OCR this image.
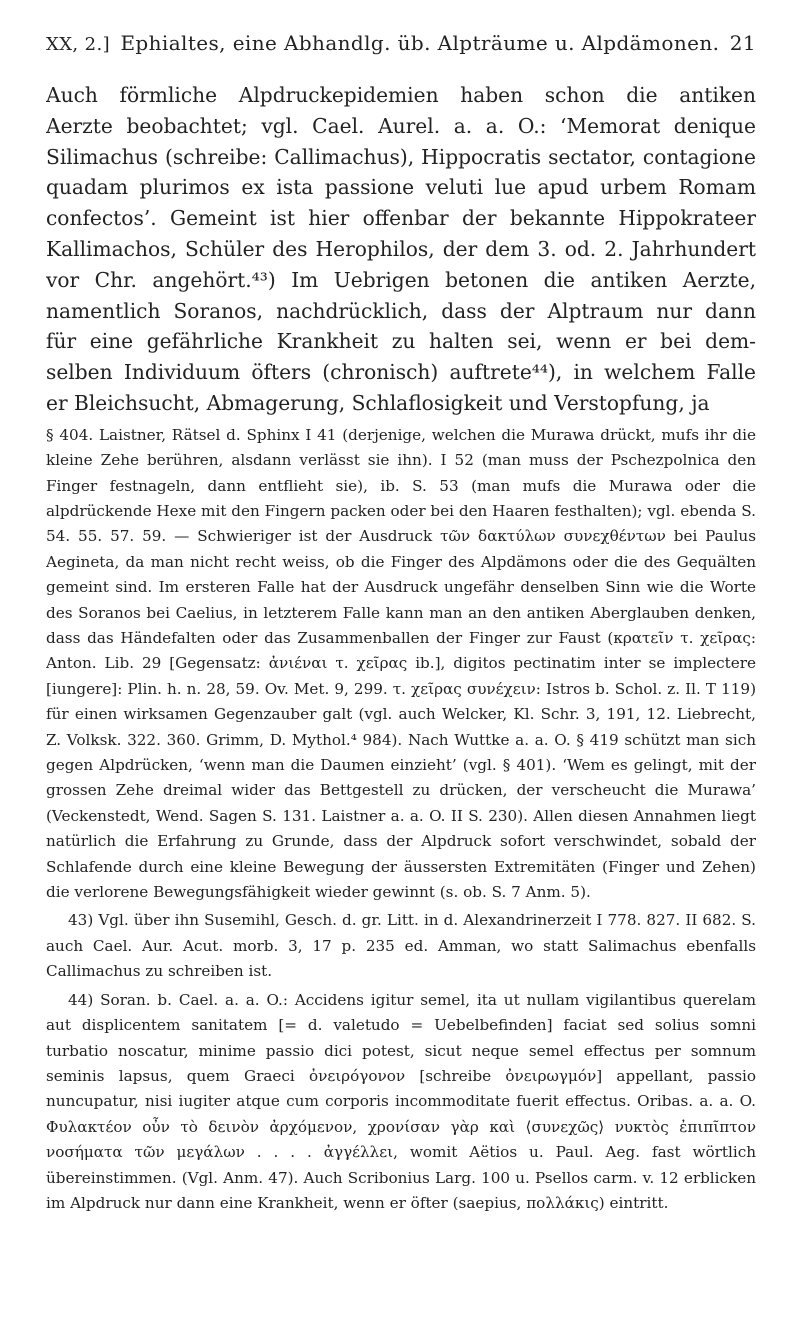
XX, 2.] Ephialtes, eine Abhandlg. üb. Alpträume u. Alpdämonen. 21
Auch förmliche Alpdruckepidemien haben schon die antiken
Aerzte beobachtet; vgl. Cael. Aurel. a. a. O.: ‘Memorat denique
Silimachus (schreibe: Callimachus), Hippocratis sectator, contagione
quadam plurimos ex ista passione veluti lue apud urbem Romam
confectos’. Gemeint ist hier offenbar der bekannte Hippokrateer
Kallimachos, Schüler des Herophilos, der dem 3. od. 2. Jahrhundert
vor Chr. angehört.⁴³) Im Uebrigen betonen die antiken Aerzte,
namentlich Soranos, nachdrücklich, dass der Alptraum nur dann
für eine gefährliche Krankheit zu halten sei, wenn er bei dem-
selben Individuum öfters (chronisch) auftrete⁴⁴), in welchem Falle
er Bleichsucht, Abmagerung, Schlaflosigkeit und Verstopfung, ja

§ 404. Laistner, Rätsel d. Sphinx I 41 (derjenige, welchen die Murawa drückt, mufs ihr die kleine Zehe berühren, alsdann verlässt sie ihn). I 52 (man muss der Pschezpolnica den Finger festnageln, dann entflieht sie), ib. S. 53 (man mufs die Murawa oder die alpdrückende Hexe mit den Fingern packen oder bei den Haaren festhalten); vgl. ebenda S. 54. 55. 57. 59. — Schwieriger ist der Ausdruck τῶν δακτύλων συνεχθέντων bei Paulus Aegineta, da man nicht recht weiss, ob die Finger des Alpdämons oder die des Gequälten gemeint sind. Im ersteren Falle hat der Ausdruck ungefähr denselben Sinn wie die Worte des Soranos bei Caelius, in letzterem Falle kann man an den antiken Aberglauben denken, dass das Händefalten oder das Zusammenballen der Finger zur Faust (κρατεῖν τ. χεῖρας: Anton. Lib. 29 [Gegensatz: ἀνιέναι τ. χεῖρας ib.], digitos pectinatim inter se implectere [iungere]: Plin. h. n. 28, 59. Ov. Met. 9, 299. τ. χεῖρας συνέχειν: Istros b. Schol. z. Il. T 119) für einen wirksamen Gegenzauber galt (vgl. auch Welcker, Kl. Schr. 3, 191, 12. Liebrecht, Z. Volksk. 322. 360. Grimm, D. Mythol.⁴ 984). Nach Wuttke a. a. O. § 419 schützt man sich gegen Alpdrücken, ‘wenn man die Daumen einzieht’ (vgl. § 401). ‘Wem es gelingt, mit der grossen Zehe dreimal wider das Bettgestell zu drücken, der verscheucht die Murawa’ (Veckenstedt, Wend. Sagen S. 131. Laistner a. a. O. II S. 230). Allen diesen Annahmen liegt natürlich die Erfahrung zu Grunde, dass der Alpdruck sofort verschwindet, sobald der Schlafende durch eine kleine Bewegung der äussersten Extremitäten (Finger und Zehen) die verlorene Bewegungsfähigkeit wieder gewinnt (s. ob. S. 7 Anm. 5).

43) Vgl. über ihn Susemihl, Gesch. d. gr. Litt. in d. Alexandrinerzeit I 778. 827. II 682. S. auch Cael. Aur. Acut. morb. 3, 17 p. 235 ed. Amman, wo statt Salimachus ebenfalls Callimachus zu schreiben ist.

44) Soran. b. Cael. a. a. O.: Accidens igitur semel, ita ut nullam vigilantibus querelam aut displicentem sanitatem [= d. valetudo = Uebelbefinden] faciat sed solius somni turbatio noscatur, minime passio dici potest, sicut neque semel effectus per somnum seminis lapsus, quem Graeci ὀνειρόγονον [schreibe ὀνειρωγμόν] appellant, passio nuncupatur, nisi iugiter atque cum corporis incommoditate fuerit effectus. Oribas. a. a. O. Φυλακτέον οὖν τὸ δεινὸν ἀρχόμενον, χρονίσαν γὰρ καὶ ⟨συνεχῶς⟩ νυκτὸς ἐπιπῖπτον νοσήματα τῶν μεγάλων . . . . ἀγγέλλει, womit Aëtios u. Paul. Aeg. fast wörtlich übereinstimmen. (Vgl. Anm. 47). Auch Scribonius Larg. 100 u. Psellos carm. v. 12 erblicken im Alpdruck nur dann eine Krankheit, wenn er öfter (saepius, πολλάκις) eintritt.
